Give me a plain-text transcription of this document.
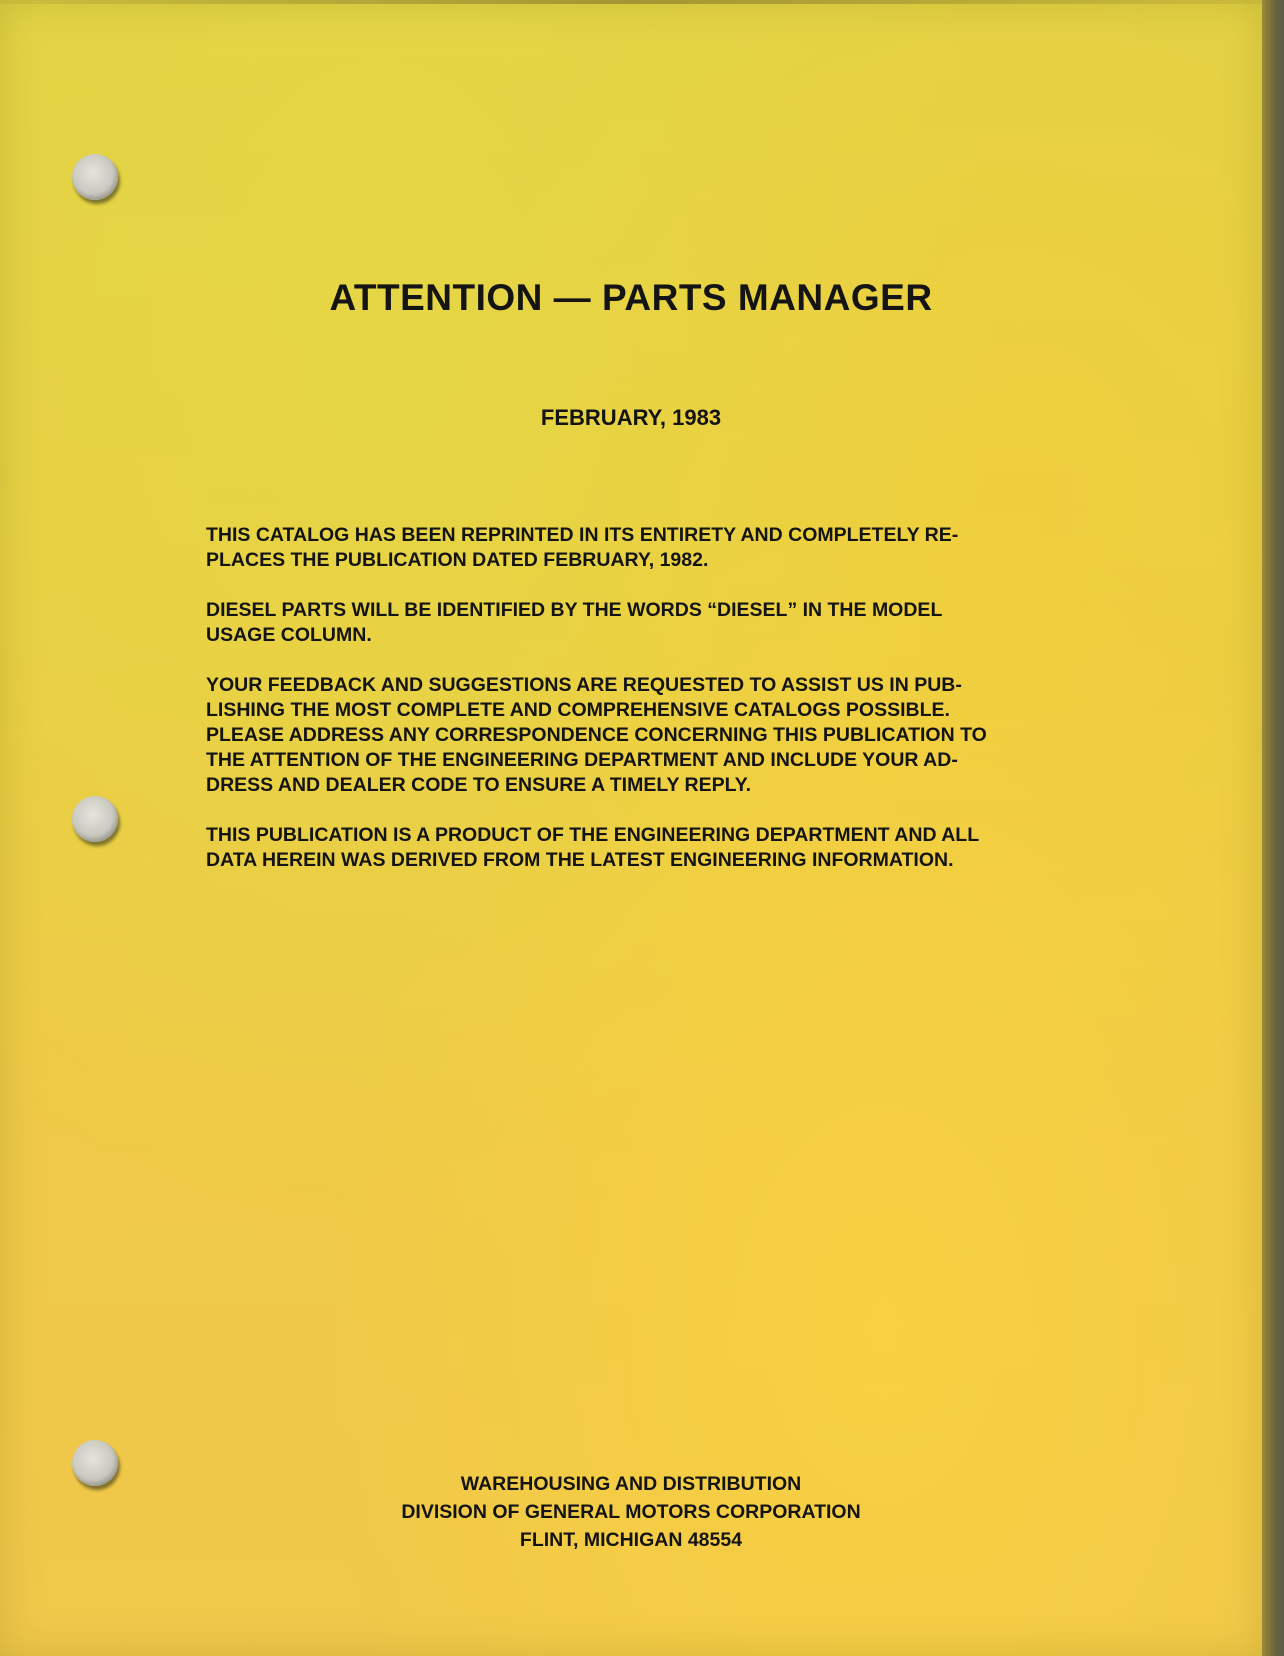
ATTENTION — PARTS MANAGER
FEBRUARY, 1983

THIS CATALOG HAS BEEN REPRINTED IN ITS ENTIRETY AND COMPLETELY RE-
PLACES THE PUBLICATION DATED FEBRUARY, 1982.

DIESEL PARTS WILL BE IDENTIFIED BY THE WORDS “DIESEL” IN THE MODEL
USAGE COLUMN.

YOUR FEEDBACK AND SUGGESTIONS ARE REQUESTED TO ASSIST US IN PUB-
LISHING THE MOST COMPLETE AND COMPREHENSIVE CATALOGS POSSIBLE.
PLEASE ADDRESS ANY CORRESPONDENCE CONCERNING THIS PUBLICATION TO
THE ATTENTION OF THE ENGINEERING DEPARTMENT AND INCLUDE YOUR AD-
DRESS AND DEALER CODE TO ENSURE A TIMELY REPLY.

THIS PUBLICATION IS A PRODUCT OF THE ENGINEERING DEPARTMENT AND ALL
DATA HEREIN WAS DERIVED FROM THE LATEST ENGINEERING INFORMATION.

WAREHOUSING AND DISTRIBUTION
DIVISION OF GENERAL MOTORS CORPORATION
FLINT, MICHIGAN 48554
